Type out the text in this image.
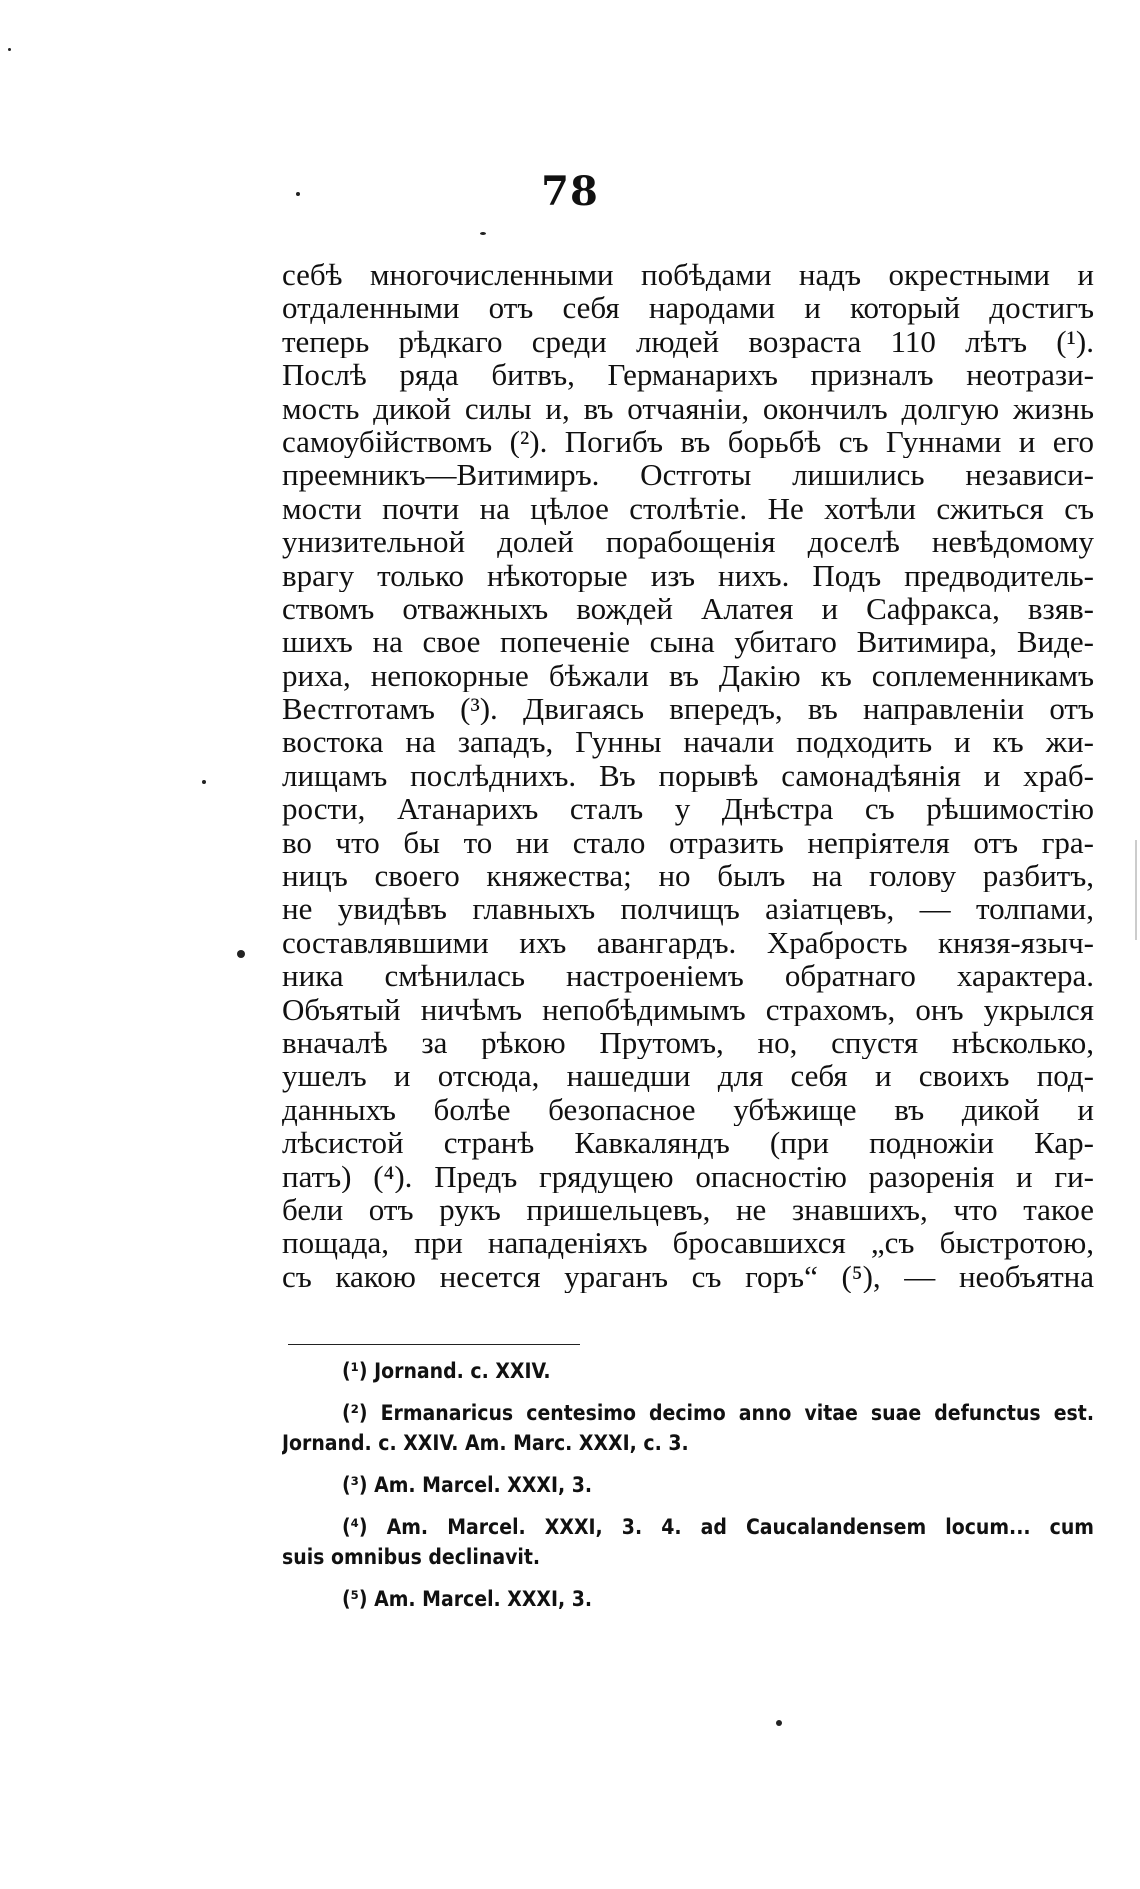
78
себѣ многочисленными побѣдами надъ окрестными и
отдаленными отъ себя народами и который достигъ
теперь рѣдкаго среди людей возраста 110 лѣтъ (¹).
Послѣ ряда битвъ, Германарихъ призналъ неотрази-
мость дикой силы и, въ отчаяніи, окончилъ долгую жизнь
самоубійствомъ (²). Погибъ въ борьбѣ съ Гуннами и его
преемникъ—Витимиръ. Остготы лишились независи-
мости почти на цѣлое столѣтіе. Не хотѣли сжиться съ
унизительной долей порабощенія доселѣ невѣдомому
врагу только нѣкоторые изъ нихъ. Подъ предводитель-
ствомъ отважныхъ вождей Алатея и Сафракса, взяв-
шихъ на свое попеченіе сына убитаго Витимира, Виде-
риха, непокорные бѣжали въ Дакію къ соплеменникамъ
Вестготамъ (³). Двигаясь впередъ, въ направленіи отъ
востока на западъ, Гунны начали подходить и къ жи-
лищамъ послѣднихъ. Въ порывѣ самонадѣянія и храб-
рости, Атанарихъ сталъ у Днѣстра съ рѣшимостію
во что бы то ни стало отразить непріятеля отъ гра-
ницъ своего княжества; но былъ на голову разбитъ,
не увидѣвъ главныхъ полчищъ азіатцевъ, — толпами,
составлявшими ихъ авангардъ. Храбрость князя-языч-
ника смѣнилась настроеніемъ обратнаго характера.
Объятый ничѣмъ непобѣдимымъ страхомъ, онъ укрылся
вначалѣ за рѣкою Прутомъ, но, спустя нѣсколько,
ушелъ и отсюда, нашедши для себя и своихъ под-
данныхъ болѣе безопасное убѣжище въ дикой и
лѣсистой странѣ Кавкаляндъ (при подножіи Кар-
патъ) (⁴). Предъ грядущею опасностію разоренія и ги-
бели отъ рукъ пришельцевъ, не знавшихъ, что такое
пощада, при нападеніяхъ бросавшихся „съ быстротою,
съ какою несется ураганъ съ горъ“ (⁵), — необъятна
(¹) Jornand. c. XXIV.
(²) Ermanaricus centesimo decimo anno vitae suae defunctus est.
Jornand. c. XXIV. Am. Marc. XXXI, c. 3.
(³) Am. Marcel. XXXI, 3.
(⁴) Am. Marcel. XXXI, 3. 4. ad Caucalandensem locum... cum
suis omnibus declinavit.
(⁵) Am. Marcel. XXXI, 3.
